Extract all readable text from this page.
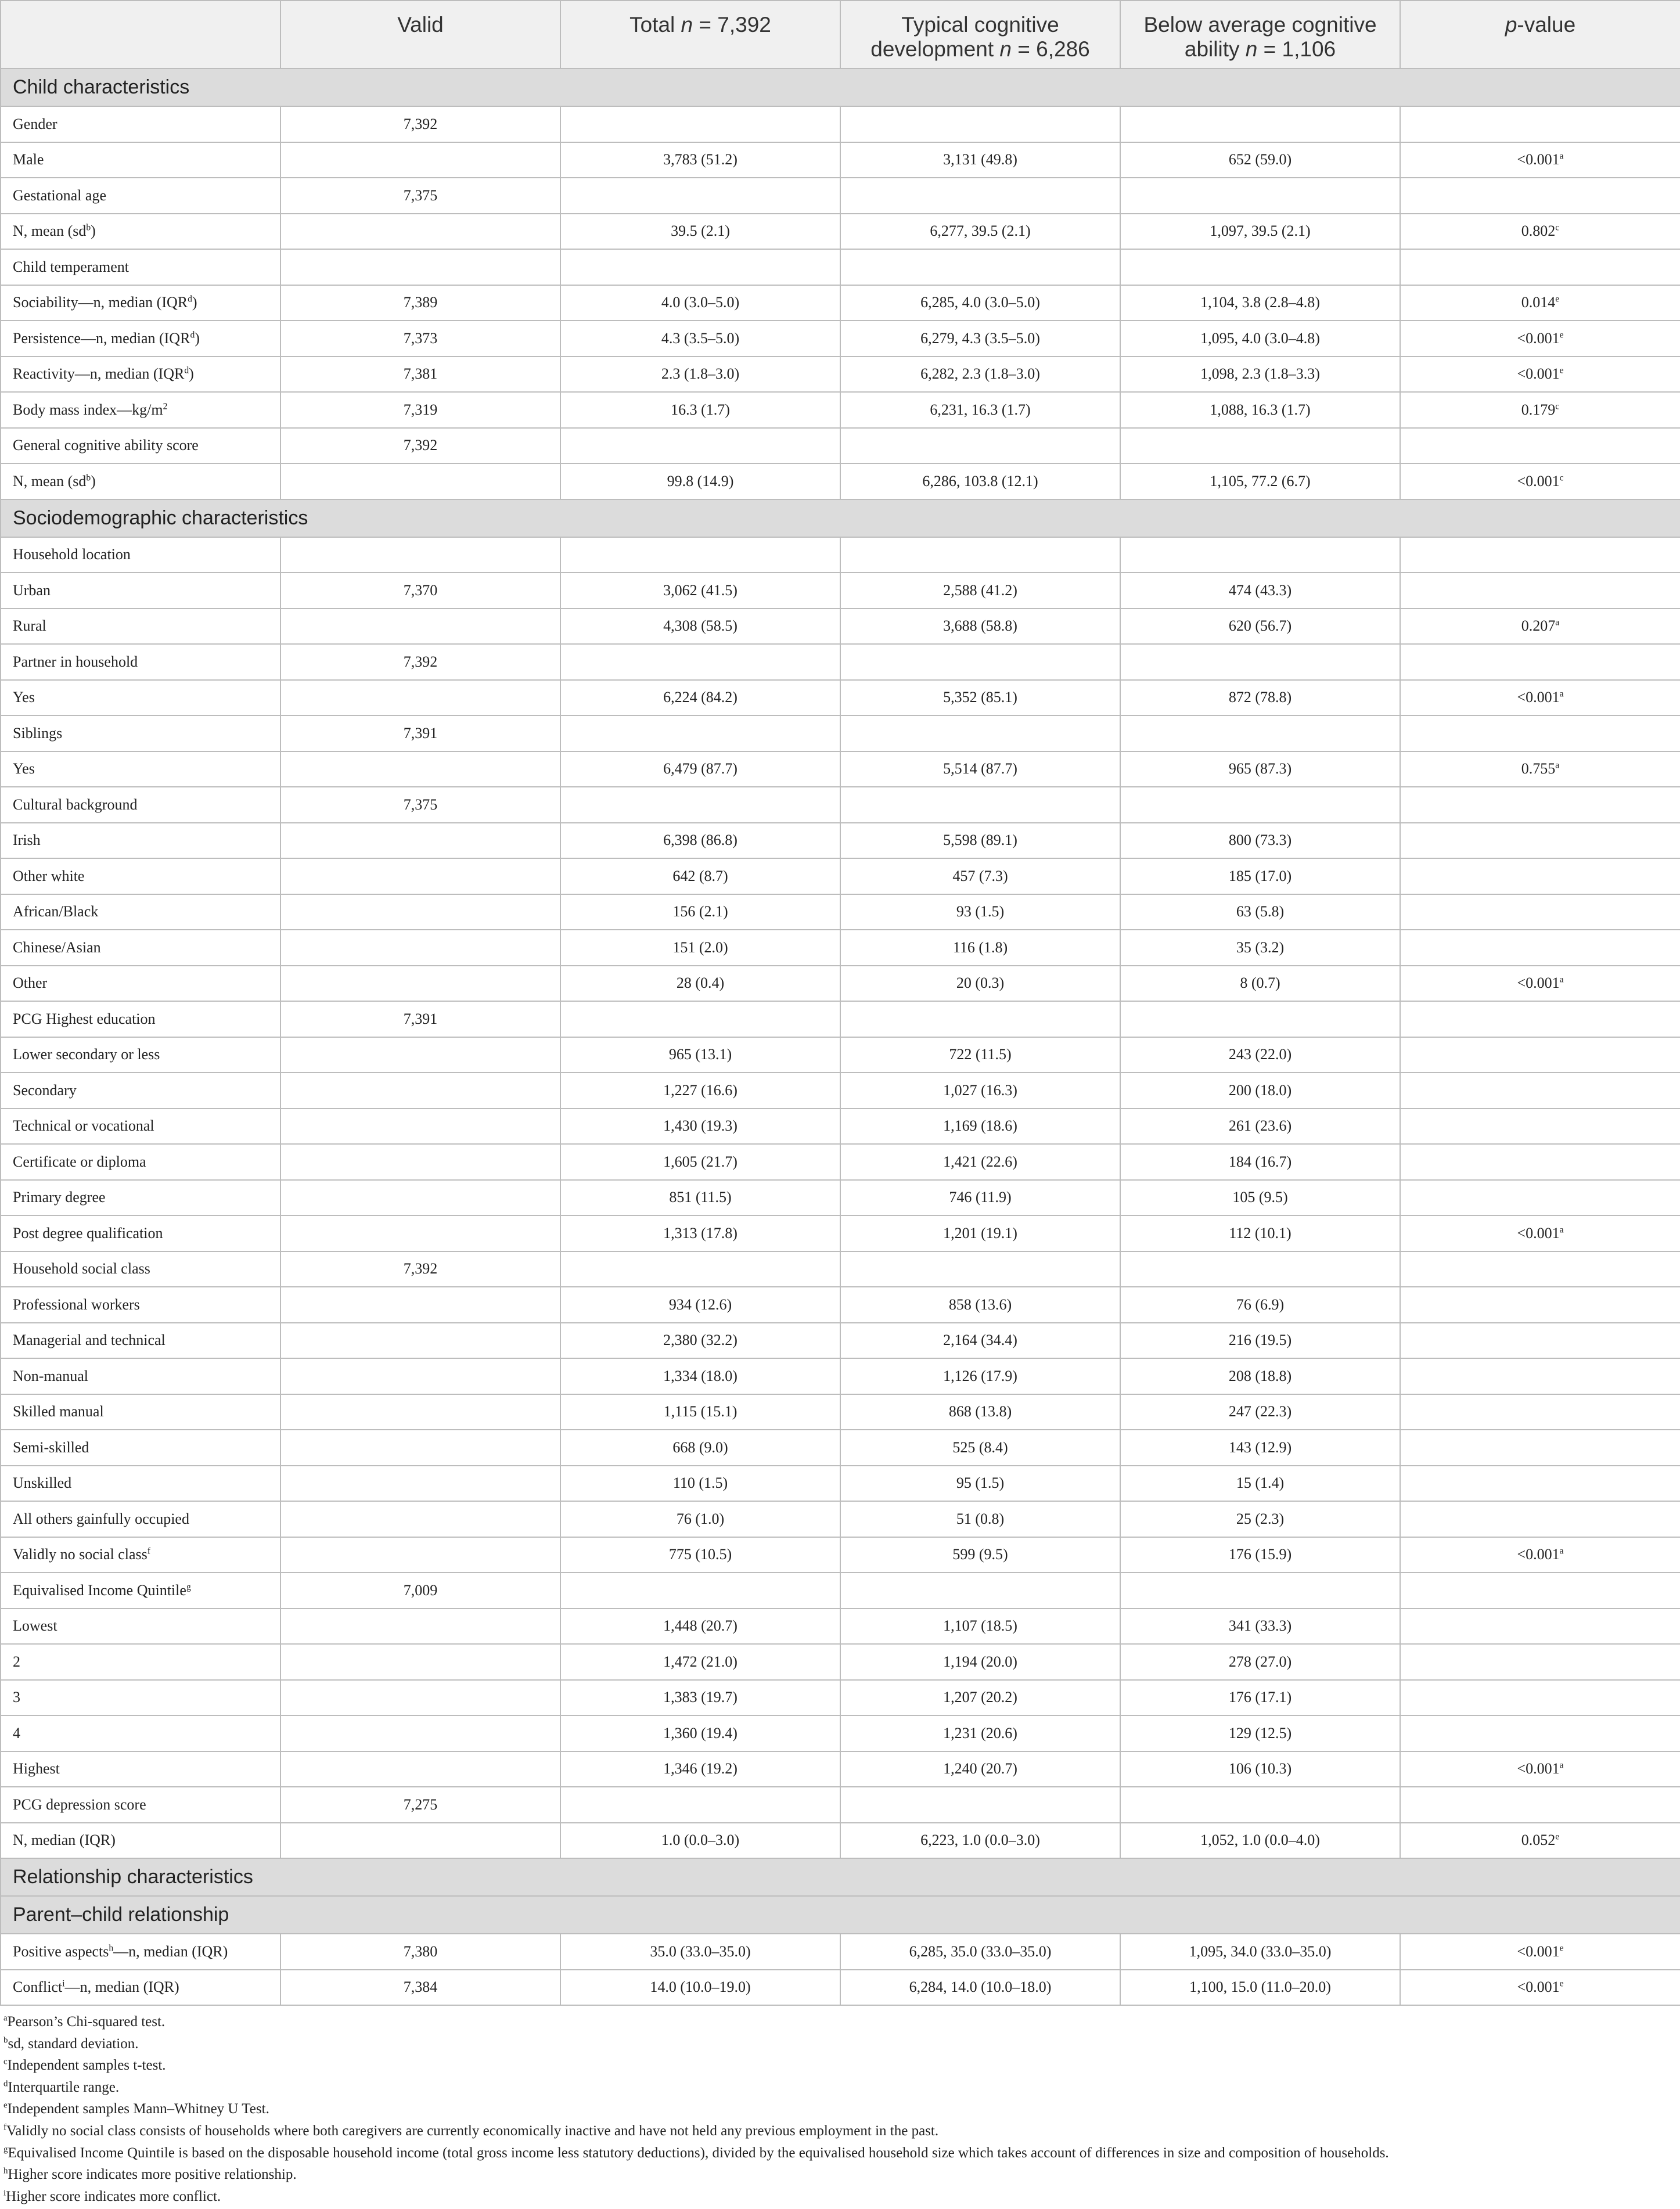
	Valid	Total n = 7,392	Typical cognitive development n = 6,286	Below average cognitive ability n = 1,106	p-value
Child characteristics					
Gender	7,392				
Male		3,783 (51.2)	3,131 (49.8)	652 (59.0)	<0.001$^a$
Gestational age	7,375				
N, mean $(sd^b)$		39.5 (2.1)	6,277, 39.5 (2.1)	1,097, 39.5 (2.1)	0.802$^c$
Child temperament					
Sociability—n, median (IQR$^d$)	7,389	4.0 (3.0–5.0)	6,285, 4.0 (3.0–5.0)	1,104, 3.8 (2.8–4.8)	0.014e
Persistence—n, median (IQR$^d$)	7,373	4.3 (3.5–5.0)	6,279, 4.3 (3.5–5.0)	1,095, 4.0 (3.0–4.8)	<0.001$^e$
Reactivity—n, median (IQR$^d$)	7,381	2.3 (1.8–3.0)	6,282, 2.3 (1.8–3.0)	1,098, 2.3 (1.8–3.3)	<0.001$^e$
Body mass $index—kg/m^2$	7,319	16.3 (1.7)	6,231, 16.3 (1.7)	1,088, 16.3 (1.7)	0.179$^c$
General cognitive ability score	7,392				
N, mean $(sd^b)$		99.8 (14.9)	6,286, 103.8 (12.1)	1,105, 77.2 (6.7)	<0.001$^c$
Sociodemographic characteristics					
Household location					
Urban	7,370	3,062 (41.5)	2,588 (41.2)	474 (43.3)	
Rural		4,308 (58.5)	3,688 (58.8)	620 (56.7)	0.207$^a$
Partner in household	7,392				
Yes		6,224 (84.2)	5,352 (85.1)	872 (78.8)	<0.001$^a$
Siblings	7,391				
Yes		6,479 (87.7)	5,514 (87.7)	965 (87.3)	0.755$^a$
Cultural background	7,375				
Irish		6,398 (86.8)	5,598 (89.1)	800 (73.3)	
Other white		642 (8.7)	457 (7.3)	185 (17.0)	
African/Black		156 (2.1)	93 (1.5)	63 (5.8)	
Chinese/Asian		151 (2.0)	116 (1.8)	35 (3.2)	
Other		28 (0.4)	20 (0.3)	8 (0.7)	<0.001$^a$
PCG Highest education	7,391				
Lower secondary or less		965 (13.1)	722 (11.5)	243 (22.0)	
Secondary		1,227 (16.6)	1,027 (16.3)	200 (18.0)	
Technical or vocational		1,430 (19.3)	1,169 (18.6)	261 (23.6)	
Certificate or diploma		1,605 (21.7)	1,421 (22.6)	184 (16.7)	
Primary degree		851 (11.5)	746 (11.9)	105 (9.5)	
Post degree qualification		1,313 (17.8)	1,201 (19.1)	112 (10.1)	<0.001$^a$
Household social class	7,392				
Professional workers		934 (12.6)	858 (13.6)	76 (6.9)	
Managerial and technical		2,380 (32.2)	2,164 (34.4)	216 (19.5)	
Non-manual		1,334 (18.0)	1,126 (17.9)	208 (18.8)	
Skilled manual		1,115 (15.1)	868 (13.8)	247 (22.3)	
Semi-skilled		668 (9.0)	525 (8.4)	143 (12.9)	
Unskilled		110 (1.5)	95 (1.5)	15 (1.4)	
All others gainfully occupied		76 (1.0)	51 (0.8)	25 (2.3)	
Validly no social class$^f$		775 (10.5)	599 (9.5)	176 (15.9)	<0.001$^a$
Equivalised Income Quintile$^g$	7,009				
Lowest		1,448 (20.7)	1,107 (18.5)	341 (33.3)	
2		1,472 (21.0)	1,194 (20.0)	278 (27.0)	
3		1,383 (19.7)	1,207 (20.2)	176 (17.1)	
4		1,360 (19.4)	1,231 (20.6)	129 (12.5)	
Highest		1,346 (19.2)	1,240 (20.7)	106 (10.3)	<0.001$^a$
PCG depression score	7,275				
N, median (IQR)		1.0 (0.0–3.0)	6,223, 1.0 (0.0–3.0)	1,052, 1.0 (0.0–4.0)	0.052e
Relationship characteristics					
Parent–child relationship					
Positive aspects$^h$—n, median (IQR)	7,380	35.0 (33.0–35.0)	6,285, 35.0 (33.0–35.0)	1,095, 34.0 (33.0–35.0)	<0.001$^e$
Conflict$^i$—n, median (IQR)	7,384	14.0 (10.0–19.0)	6,284, 14.0 (10.0–18.0)	1,100, 15.0 (11.0–20.0)	<0.001$^e$
$^a$Pearson’s Chi-squared test.
$^b$sd, standard deviation.
$^c$Independent samples t-test.
$^d$Interquartile range.
$^e$Independent samples Mann–Whitney U Test.
$^f$Validly no social class consists of households where both caregivers are currently economically inactive and have not held any previous employment in the past.
$^g$Equivalised Income Quintile is based on the disposable household income (total gross income less statutory deductions), divided by the equivalised household size which takes account of differences in size and composition of households.
$^h$Higher score indicates more positive relationship.
$^i$Higher score indicates more conflict.
